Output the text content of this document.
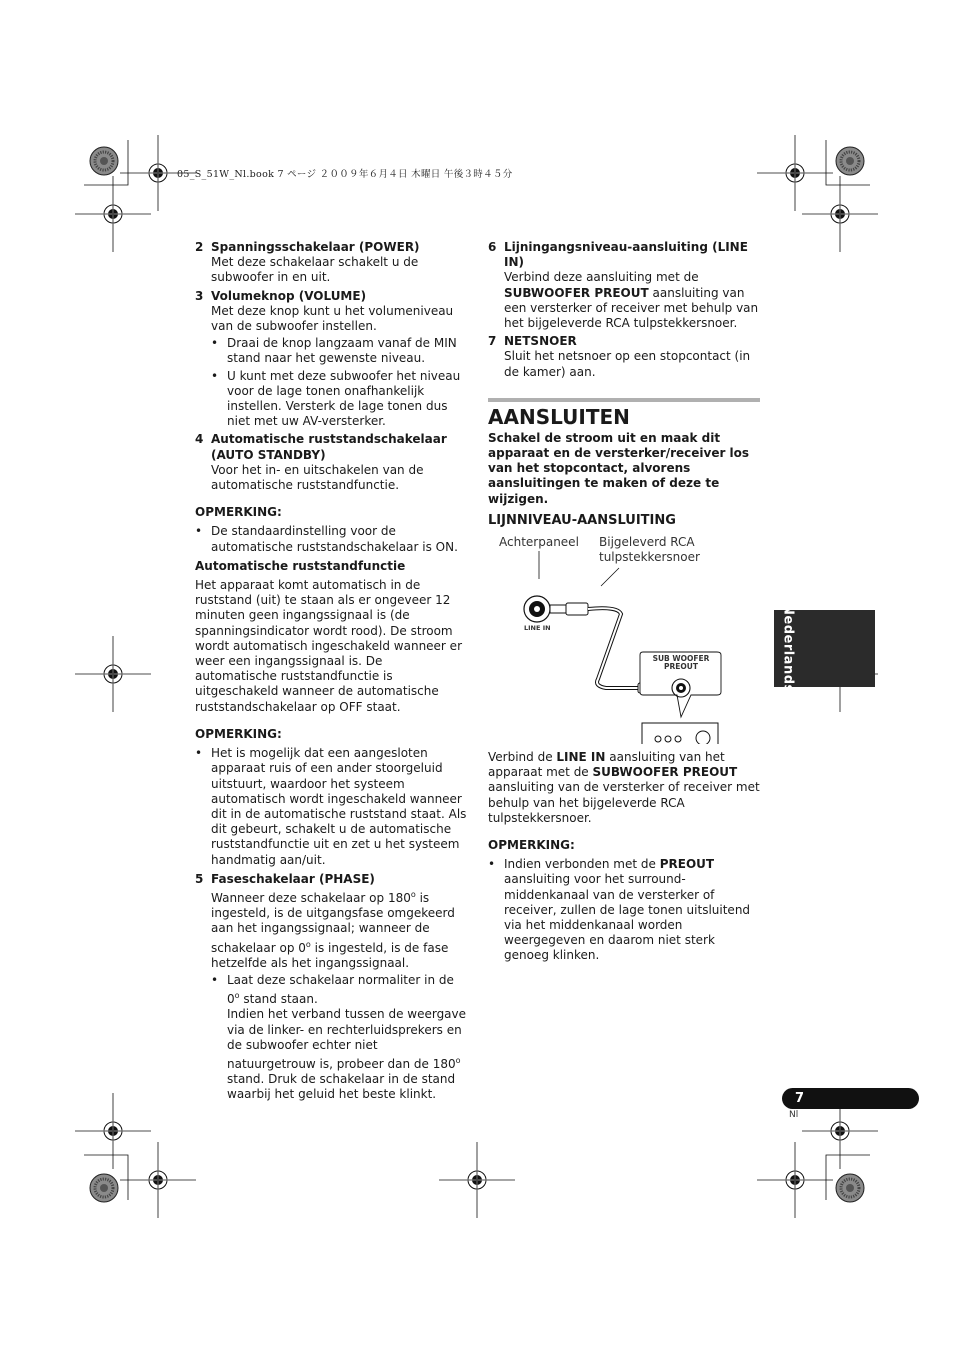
05_S_51W_Nl.book 7 ページ ２００９年６月４日 木曜日 午後３時４５分
2 Spanningsschakelaar (POWER)
Met deze schakelaar schakelt u de subwoofer in en uit.
3 Volumeknop (VOLUME)
Met deze knop kunt u het volumeniveau van de subwoofer instellen.
• Draai de knop langzaam vanaf de MIN stand naar het gewenste niveau.
• U kunt met deze subwoofer het niveau voor de lage tonen onafhankelijk instellen. Versterk de lage tonen dus niet met uw AV-versterker.
4 Automatische ruststandschakelaar (AUTO STANDBY)
Voor het in- en uitschakelen van de automatische ruststandfunctie.
OPMERKING:
• De standaardinstelling voor de automatische ruststandschakelaar is ON.
Automatische ruststandfunctie
Het apparaat komt automatisch in de ruststand (uit) te staan als er ongeveer 12 minuten geen ingangssignaal is (de spanningsindicator wordt rood). De stroom wordt automatisch ingeschakeld wanneer er weer een ingangssignaal is. De automatische ruststandfunctie is uitgeschakeld wanneer de automatische ruststandschakelaar op OFF staat.
OPMERKING:
• Het is mogelijk dat een aangesloten apparaat ruis of een ander stoorgeluid uitstuurt, waardoor het systeem automatisch wordt ingeschakeld wanneer dit in de automatische ruststand staat. Als dit gebeurt, schakelt u de automatische ruststandfunctie uit en zet u het systeem handmatig aan/uit.
5 Faseschakelaar (PHASE)
Wanneer deze schakelaar op 180$^o$ is ingesteld, is de uitgangsfase omgekeerd aan het ingangssignaal; wanneer de schakelaar op 0$^o$ is ingesteld, is de fase hetzelfde als het ingangssignaal.
• Laat deze schakelaar normaliter in de 0$^o$ stand staan.
Indien het verband tussen de weergave via de linker- en rechterluidsprekers en de subwoofer echter niet natuurgetrouw is, probeer dan de 180$^o$ stand. Druk de schakelaar in de stand waarbij het geluid het beste klinkt.
6 Lijningangsniveau-aansluiting (LINE IN)
Verbind deze aansluiting met de SUBWOOFER PREOUT aansluiting van een versterker of receiver met behulp van het bijgeleverde RCA tulpstekkersnoer.
7 NETSNOER
Sluit het netsnoer op een stopcontact (in de kamer) aan.
AANSLUITEN
Schakel de stroom uit en maak dit apparaat en de versterker/receiver los van het stopcontact, alvorens aansluitingen te maken of deze te wijzigen.
LIJNNIVEAU-AANSLUITING
Achterpaneel Bijgeleverd RCA tulpstekkersnoer
LINE IN
SUB WOOFER
PREOUT
Verbind de LINE IN aansluiting van het apparaat met de SUBWOOFER PREOUT aansluiting van de versterker of receiver met behulp van het bijgeleverde RCA tulpstekkersnoer.
OPMERKING:
• Indien verbonden met de PREOUT aansluiting voor het surround-middenkanaal van de versterker of receiver, zullen de lage tonen uitsluitend via het middenkanaal worden weergegeven en daarom niet sterk genoeg klinken.
Nederlands
7
Nl
